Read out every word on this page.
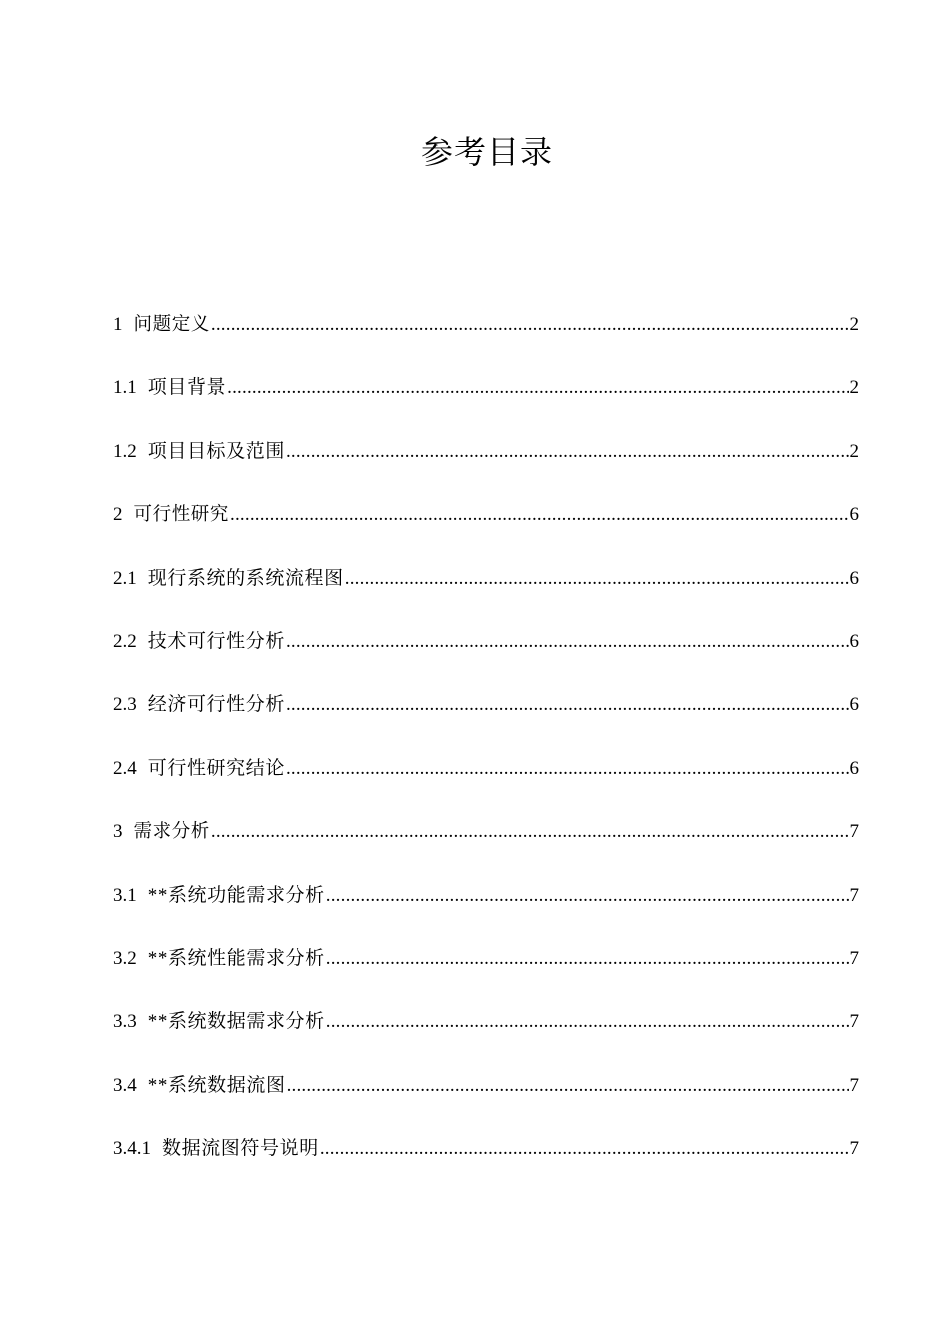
参考目录
1 问题定义 .....	2
1.1 项目背景 .....	2
1.2 项目目标及范围 .....	2
2 可行性研究 .....	6
2.1 现行系统的系统流程图 .....	6
2.2 技术可行性分析 .....	6
2.3 经济可行性分析 .....	6
2.4 可行性研究结论 .....	6
3 需求分析 .....	7
3.1 **系统功能需求分析 .....	7
3.2 **系统性能需求分析 .....	7
3.3 **系统数据需求分析 .....	7
3.4 **系统数据流图 .....	7
3.4.1 数据流图符号说明 .....	7
